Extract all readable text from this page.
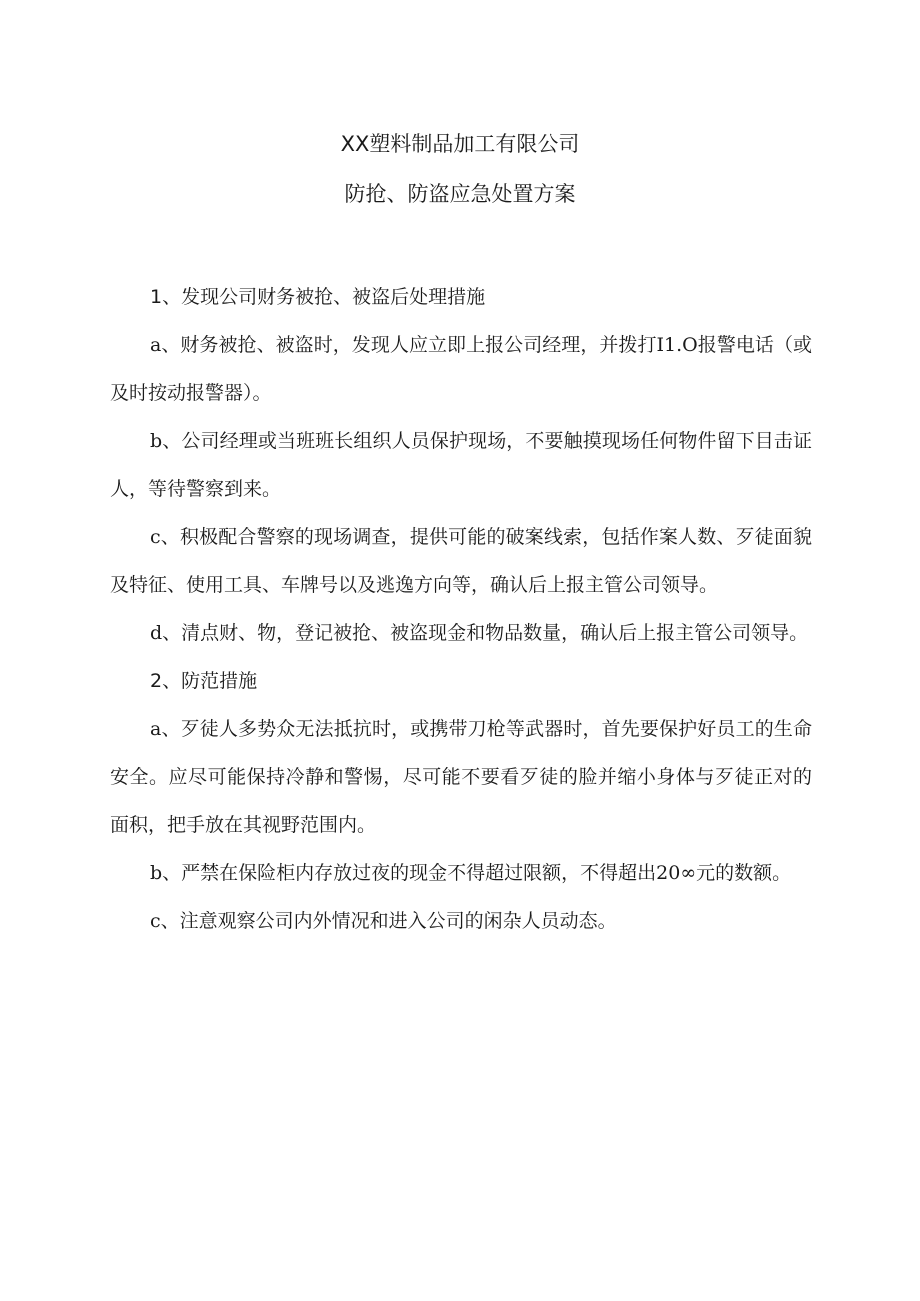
XX塑料制品加工有限公司
防抢、防盗应急处置方案

1、发现公司财务被抢、被盗后处理措施

a、财务被抢、被盗时，发现人应立即上报公司经理，并拨打I1.O报警电话（或及时按动报警器）。

b、公司经理或当班班长组织人员保护现场，不要触摸现场任何物件留下目击证人，等待警察到来。

c、积极配合警察的现场调查，提供可能的破案线索，包括作案人数、歹徒面貌及特征、使用工具、车牌号以及逃逸方向等，确认后上报主管公司领导。

d、清点财、物，登记被抢、被盗现金和物品数量，确认后上报主管公司领导。

2、防范措施

a、歹徒人多势众无法抵抗时，或携带刀枪等武器时，首先要保护好员工的生命安全。应尽可能保持冷静和警惕，尽可能不要看歹徒的脸并缩小身体与歹徒正对的面积，把手放在其视野范围内。

b、严禁在保险柜内存放过夜的现金不得超过限额，不得超出20∞元的数额。

c、注意观察公司内外情况和进入公司的闲杂人员动态。
